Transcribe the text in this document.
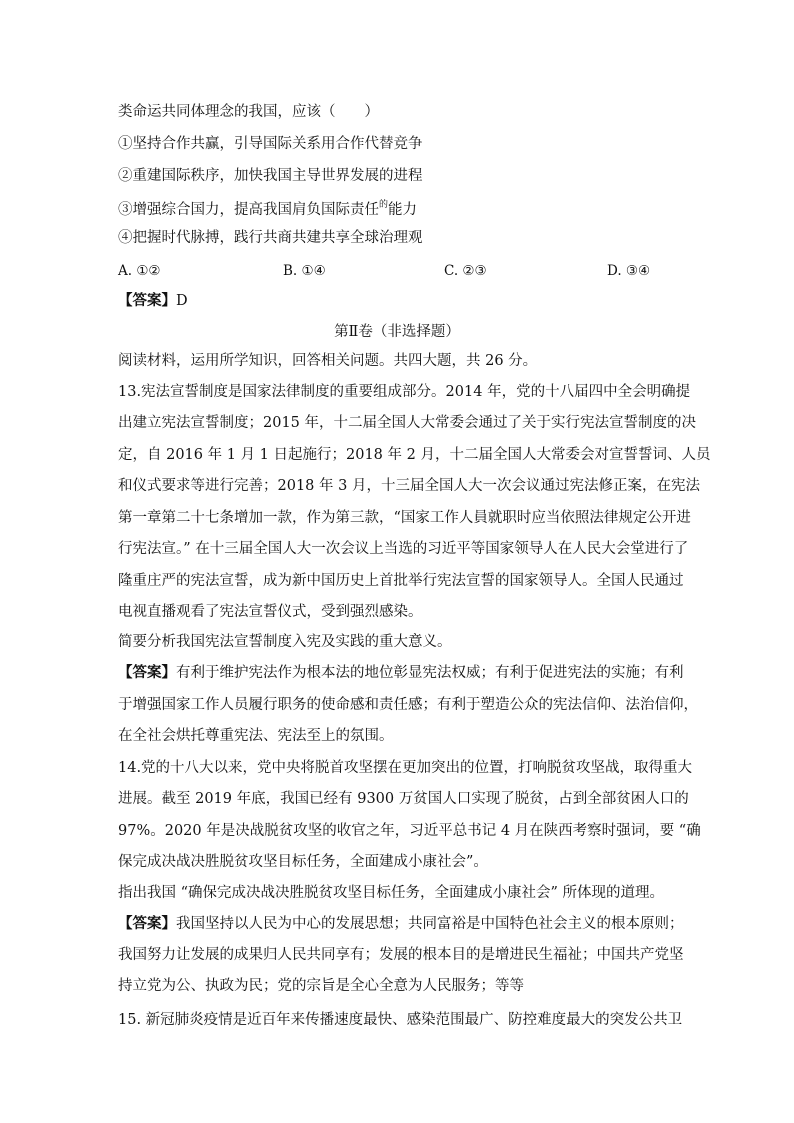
类命运共同体理念的我国，应该（　　）
①坚持合作共赢，引导国际关系用合作代替竞争
②重建国际秩序，加快我国主导世界发展的进程
③增强综合国力，提高我国肩负国际责任$^的$能力
④把握时代脉搏，践行共商共建共享全球治理观
A. ①②	B. ①④	C. ②③	D. ③④
【答案】D
第Ⅱ卷（非选择题）
阅读材料，运用所学知识，回答相关问题。共四大题，共 26 分。
13.宪法宣誓制度是国家法律制度的重要组成部分。2014 年，党的十八届四中全会明确提
出建立宪法宣誓制度；2015 年，十二届全国人大常委会通过了关于实行宪法宣誓制度的决
定，自 2016 年 1 月 1 日起施行；2018 年 2 月，十二届全国人大常委会对宣誓誓词、人员
和仪式要求等进行完善；2018 年 3 月，十三届全国人大一次会议通过宪法修正案，在宪法
第一章第二十七条增加一款，作为第三款，“国家工作人員就职时应当依照法律规定公开进
行宪法宣。” 在十三届全国人大一次会议上当选的习近平等国家领导人在人民大会堂进行了
隆重庄严的宪法宣誓，成为新中国历史上首批举行宪法宣誓的国家领导人。全国人民通过
电视直播观看了宪法宣誓仪式，受到强烈感染。
简要分析我国宪法宣誓制度入宪及实践的重大意义。
【答案】有利于维护宪法作为根本法的地位彰显宪法权威；有利于促进宪法的实施；有利
于增强国家工作人员履行职务的使命感和责任感；有利于塑造公众的宪法信仰、法治信仰，
在全社会烘托尊重宪法、宪法至上的氛围。
14.党的十八大以来，党中央将脱首攻坚摆在更加突出的位置，打响脱贫攻坚战，取得重大
进展。截至 2019 年底，我国已经有 9300 万贫国人口实现了脱贫，占到全部贫困人口的
97%。2020 年是决战脱贫攻坚的收官之年，习近平总书记 4 月在陕西考察时强词，要 “确
保完成决战决胜脱贫攻坚目标任务，全面建成小康社会”。
指出我国 “确保完成决战决胜脱贫攻坚目标任务，全面建成小康社会” 所体现的道理。
【答案】我国坚持以人民为中心的发展思想；共同富裕是中国特色社会主义的根本原则；
我国努力让发展的成果归人民共同享有；发展的根本目的是增进民生福祉；中国共产党坚
持立党为公、执政为民；党的宗旨是全心全意为人民服务；等等
15. 新冠肺炎疫情是近百年来传播速度最快、感染范围最广、防控难度最大的突发公共卫
